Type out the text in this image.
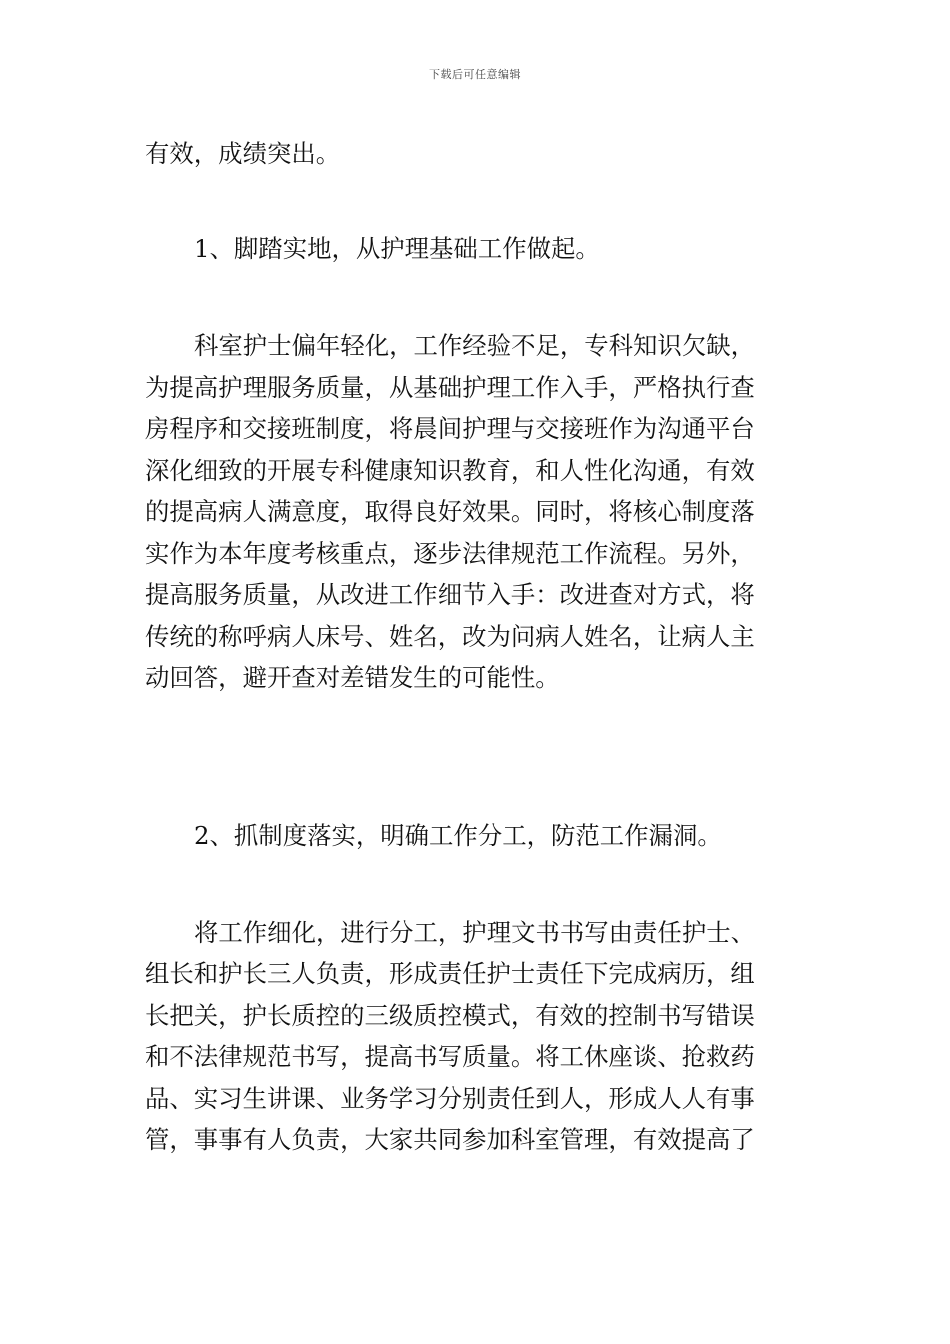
下载后可任意编辑
有效，成绩突出。
1、脚踏实地，从护理基础工作做起。
科室护士偏年轻化，工作经验不足，专科知识欠缺，
为提高护理服务质量，从基础护理工作入手，严格执行查
房程序和交接班制度，将晨间护理与交接班作为沟通平台
深化细致的开展专科健康知识教育，和人性化沟通，有效
的提高病人满意度，取得良好效果。同时，将核心制度落
实作为本年度考核重点，逐步法律规范工作流程。另外，
提高服务质量，从改进工作细节入手：改进查对方式，将
传统的称呼病人床号、姓名，改为问病人姓名，让病人主
动回答，避开查对差错发生的可能性。
2、抓制度落实，明确工作分工，防范工作漏洞。
将工作细化，进行分工，护理文书书写由责任护士、
组长和护长三人负责，形成责任护士责任下完成病历，组
长把关，护长质控的三级质控模式，有效的控制书写错误
和不法律规范书写，提高书写质量。将工休座谈、抢救药
品、实习生讲课、业务学习分别责任到人，形成人人有事
管，事事有人负责，大家共同参加科室管理，有效提高了
